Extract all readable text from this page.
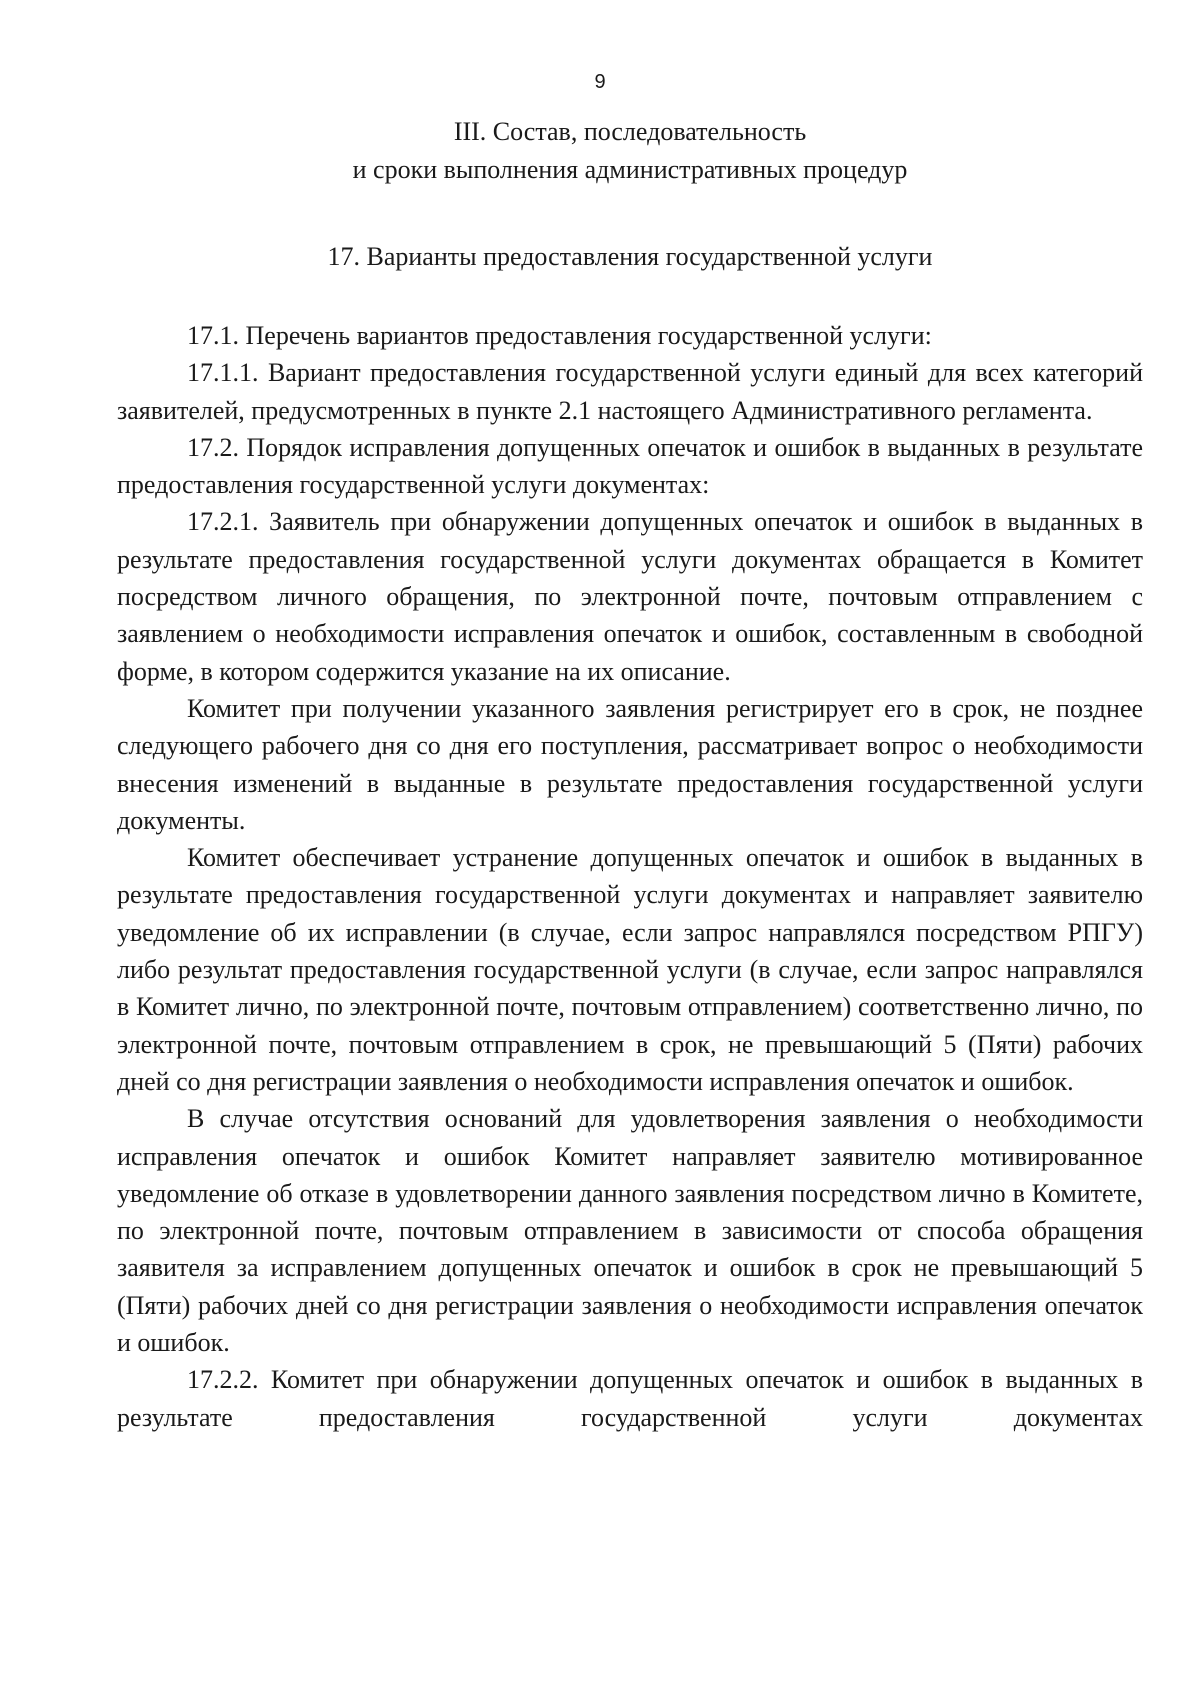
9
III. Состав, последовательность
и сроки выполнения административных процедур
17. Варианты предоставления государственной услуги

17.1. Перечень вариантов предоставления государственной услуги:

17.1.1. Вариант предоставления государственной услуги единый для всех категорий заявителей, предусмотренных в пункте 2.1 настоящего Административного регламента.

17.2. Порядок исправления допущенных опечаток и ошибок в выданных в результате предоставления государственной услуги документах:

17.2.1. Заявитель при обнаружении допущенных опечаток и ошибок в выданных в результате предоставления государственной услуги документах обращается в Комитет посредством личного обращения, по электронной почте, почтовым отправлением с заявлением о необходимости исправления опечаток и ошибок, составленным в свободной форме, в котором содержится указание на их описание.

Комитет при получении указанного заявления регистрирует его в срок, не позднее следующего рабочего дня со дня его поступления, рассматривает вопрос о необходимости внесения изменений в выданные в результате предоставления государственной услуги документы.

Комитет обеспечивает устранение допущенных опечаток и ошибок в выданных в результате предоставления государственной услуги документах и направляет заявителю уведомление об их исправлении (в случае, если запрос направлялся посредством РПГУ) либо результат предоставления государственной услуги (в случае, если запрос направлялся в Комитет лично, по электронной почте, почтовым отправлением) соответственно лично, по электронной почте, почтовым отправлением в срок, не превышающий 5 (Пяти) рабочих дней со дня регистрации заявления о необходимости исправления опечаток и ошибок.

В случае отсутствия оснований для удовлетворения заявления о необходимости исправления опечаток и ошибок Комитет направляет заявителю мотивированное уведомление об отказе в удовлетворении данного заявления посредством лично в Комитете, по электронной почте, почтовым отправлением в зависимости от способа обращения заявителя за исправлением допущенных опечаток и ошибок в срок не превышающий 5 (Пяти) рабочих дней со дня регистрации заявления о необходимости исправления опечаток и ошибок.

17.2.2. Комитет при обнаружении допущенных опечаток и ошибок в выданных в результате предоставления государственной услуги документах
